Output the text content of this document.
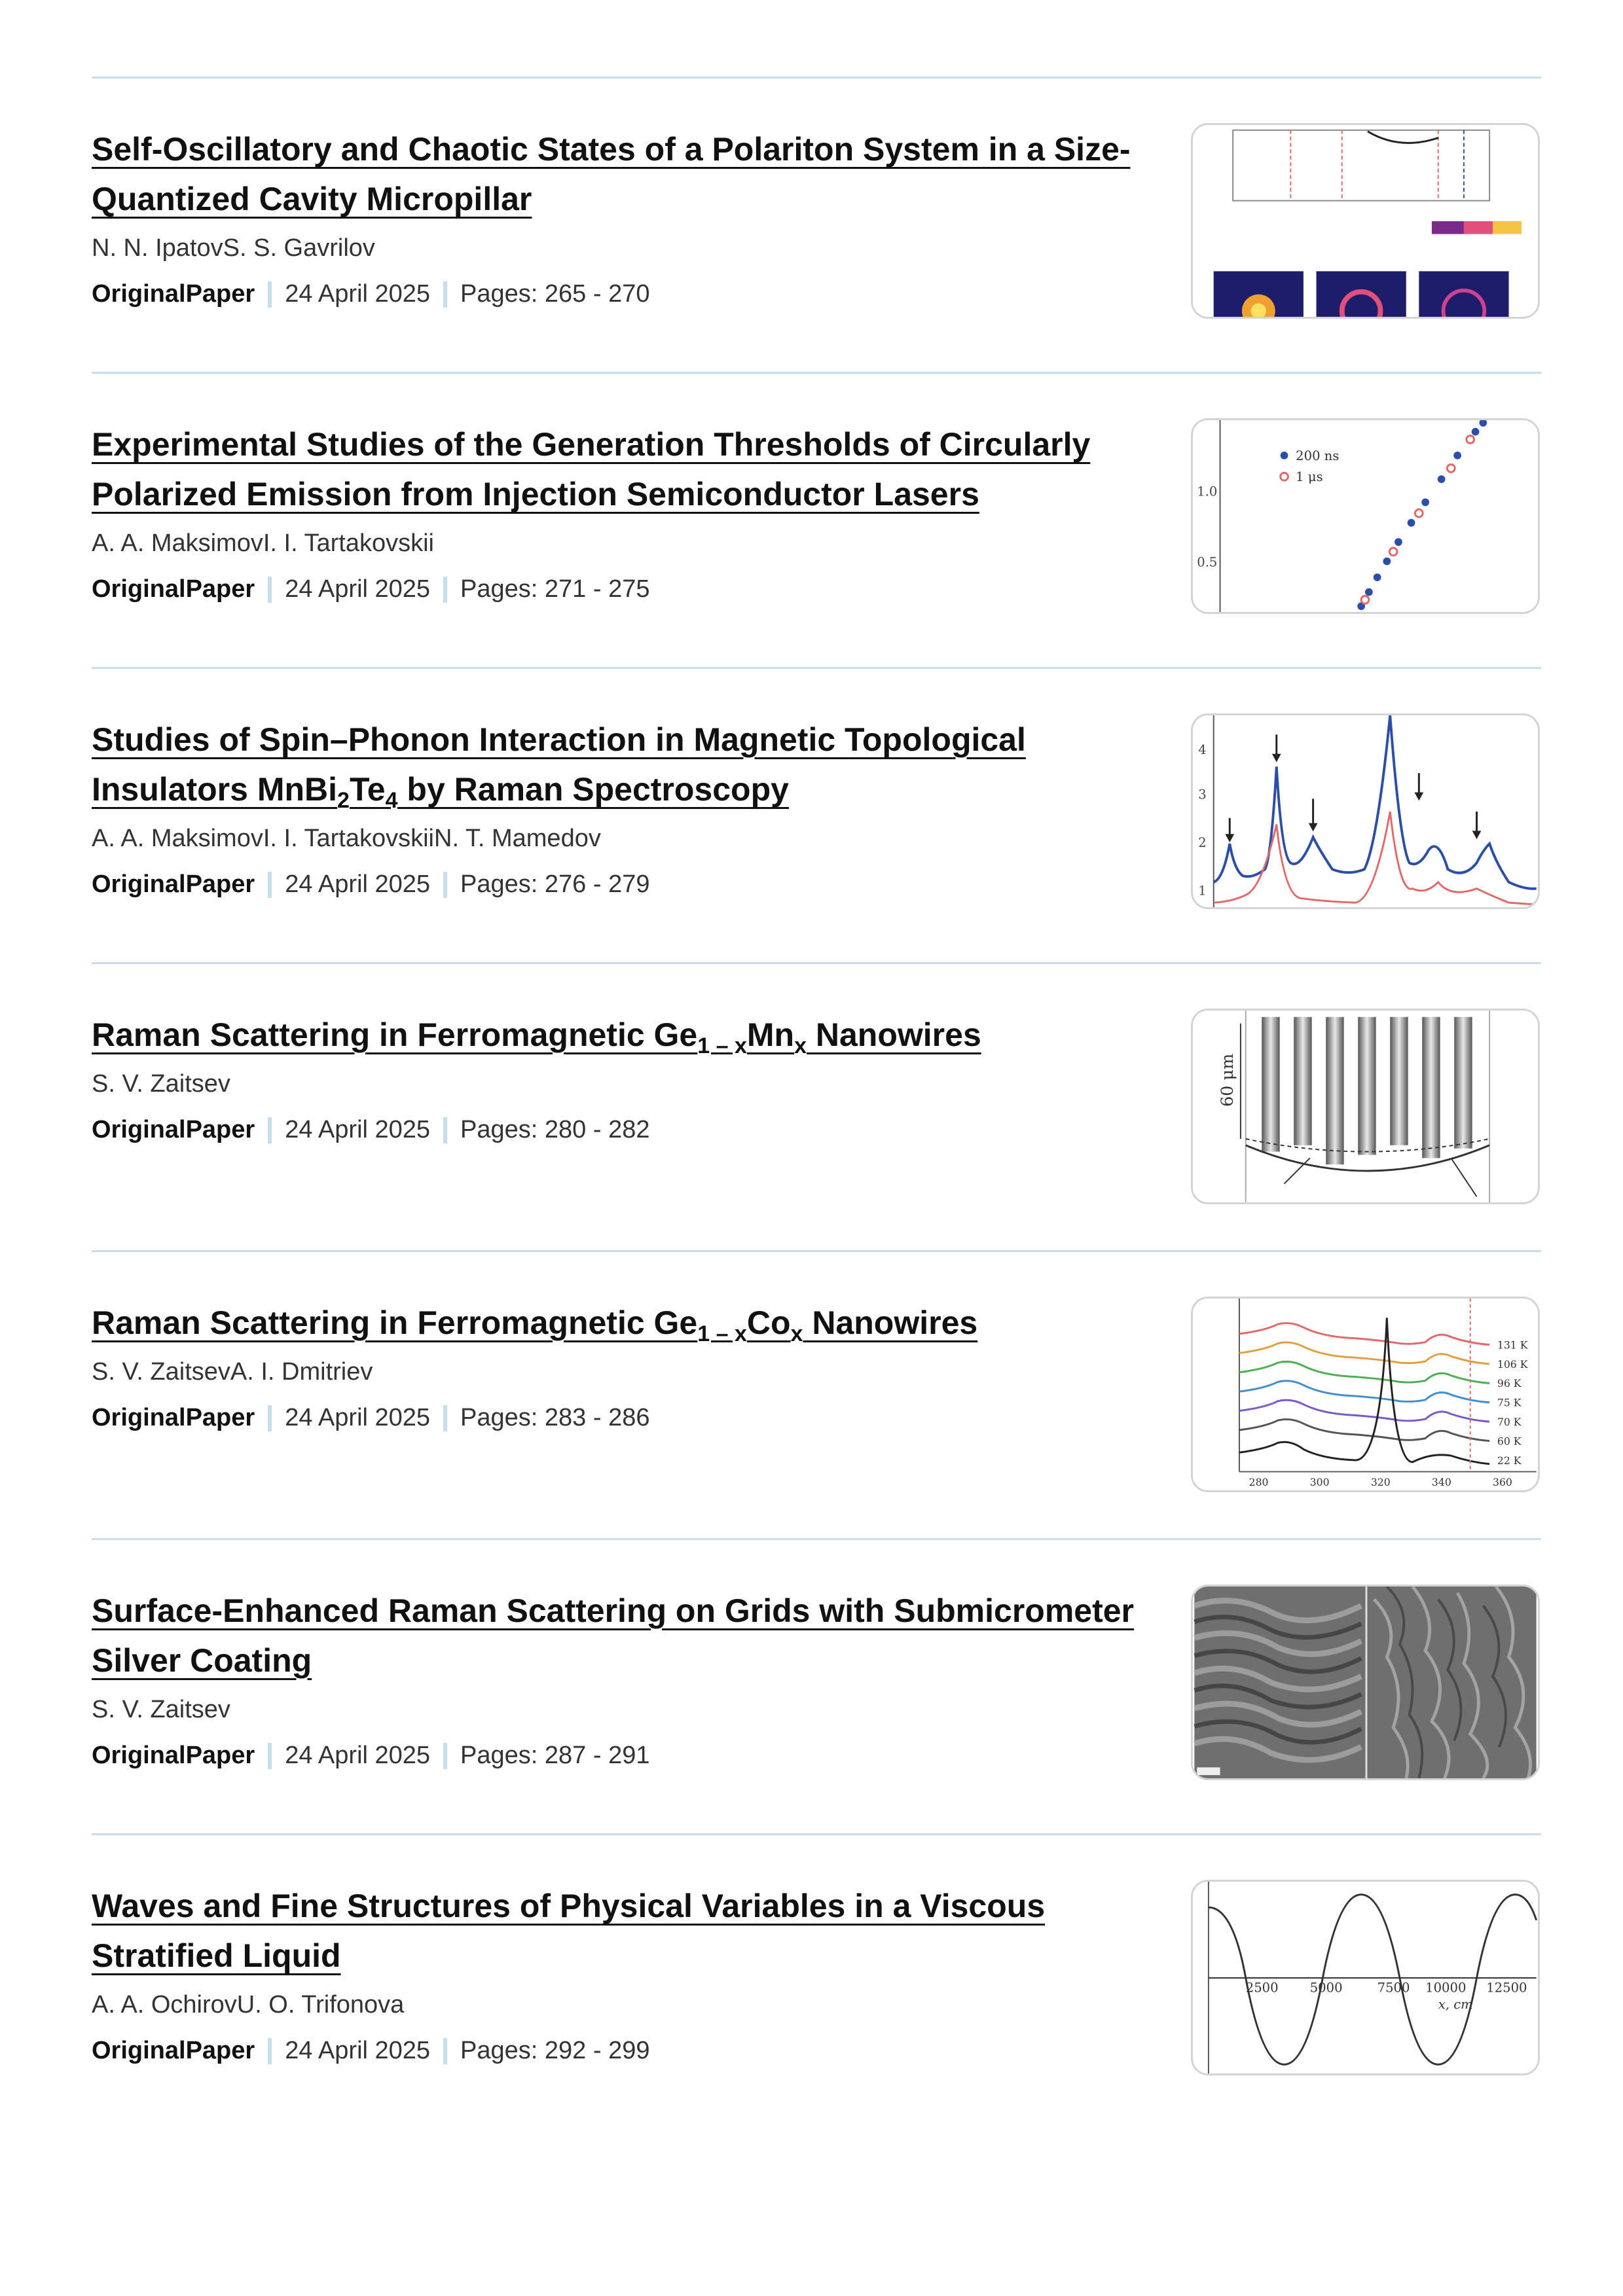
Self-Oscillatory and Chaotic States of a Polariton System in a Size-Quantized Cavity Micropillar
N. N. IpatovS. S. Gavrilov
OriginalPaper 24 April 2025 Pages: 265 - 270
Experimental Studies of the Generation Thresholds of Circularly Polarized Emission from Injection Semiconductor Lasers
A. A. MaksimovI. I. Tartakovskii
OriginalPaper 24 April 2025 Pages: 271 - 275
1.0
0.5
200 ns
1 μs
Studies of Spin–Phonon Interaction in Magnetic Topological Insulators $MnBi_2Te_4$ by Raman Spectroscopy
A. A. MaksimovI. I. TartakovskiiN. T. Mamedov
OriginalPaper 24 April 2025 Pages: 276 - 279
4
3
2
1
Raman Scattering in Ferromagnetic $Ge_{1 - x}Mn_x$ Nanowires
S. V. Zaitsev
OriginalPaper 24 April 2025 Pages: 280 - 282
60 μm
Raman Scattering in Ferromagnetic $Ge_{1 - x}Co_x$ Nanowires
S. V. ZaitsevA. I. Dmitriev
OriginalPaper 24 April 2025 Pages: 283 - 286
131 K
106 K
96 K
75 K
70 K
60 K
22 K
280	300	320	340	360
Surface-Enhanced Raman Scattering on Grids with Submicrometer Silver Coating
S. V. Zaitsev
OriginalPaper 24 April 2025 Pages: 287 - 291
Waves and Fine Structures of Physical Variables in a Viscous Stratified Liquid
A. A. OchirovU. O. Trifonova
OriginalPaper 24 April 2025 Pages: 292 - 299
2500 5000	7500 10000 12500
x, cm
